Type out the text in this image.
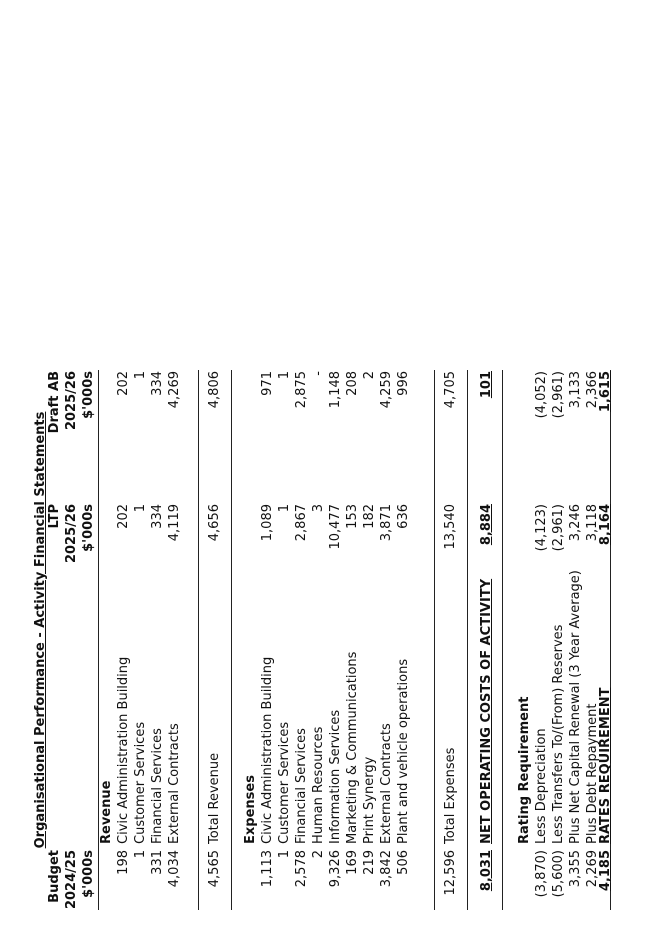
Organisational Performance - Activity Financial Statements
Budget 2024/25 $'000s
LTP 2025/26 $'000s
Draft AB 2025/26 $'000s
Revenue
198
Civic Administration Building
202
202
1
Customer Services
1
1
331
Financial Services
334
334
4,034
External Contracts
4,119
4,269
4,565
Total Revenue
4,656
4,806
Expenses
1,113
Civic Administration Building
1,089
971
1
Customer Services
1
1
2,578
Financial Services
2,867
2,875
2
Human Resources
3
-
9,326
Information Services
10,477
1,148
169
Marketing & Communications
153
208
219
Print Synergy
182
2
3,842
External Contracts
3,871
4,259
506
Plant and vehicle operations
636
996
12,596
Total Expenses
13,540
4,705
8,031
NET OPERATING COSTS OF ACTIVITY
8,884
101
Rating Requirement
(3,870)
Less Depreciation
(4,123)
(4,052)
(5,600)
Less Transfers To/(From) Reserves
(2,961)
(2,961)
3,355
Plus Net Capital Renewal (3 Year Average)
3,246
3,133
2,269
Plus Debt Repayment
3,118
2,366
4,185
RATES REQUIREMENT
8,164
1,615
